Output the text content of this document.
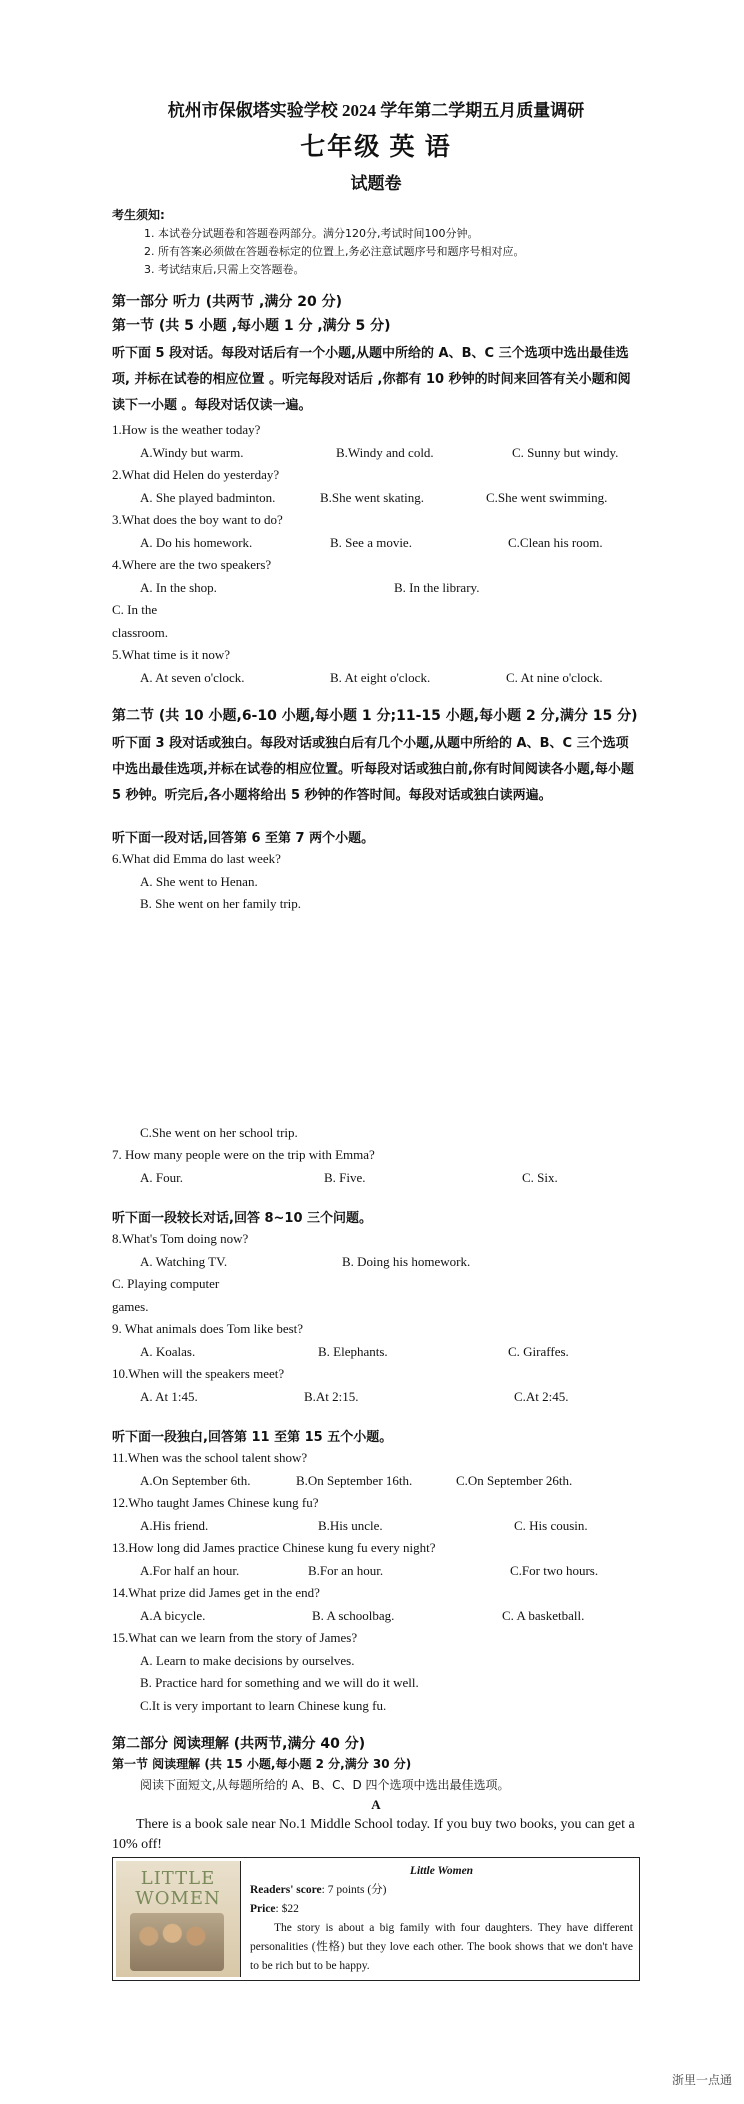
杭州市保俶塔实验学校 2024 学年第二学期五月质量调研
七年级 英 语
试题卷
考生须知:
1. 本试卷分试题卷和答题卷两部分。满分120分,考试时间100分钟。
2. 所有答案必须做在答题卷标定的位置上,务必注意试题序号和题序号相对应。
3. 考试结束后,只需上交答题卷。
第一部分 听力 (共两节 ,满分 20 分)
第一节 (共 5 小题 ,每小题 1 分 ,满分 5 分)
听下面 5 段对话。每段对话后有一个小题,从题中所给的 A、B、C 三个选项中选出最佳选项, 并标在试卷的相应位置 。听完每段对话后 ,你都有 10 秒钟的时间来回答有关小题和阅读下一小题 。每段对话仅读一遍。
1.How is the weather today?
A.Windy but warm.	B.Windy and cold.	C. Sunny but windy.
2.What did Helen do yesterday?
A. She played badminton.	B.She went skating.	C.She went swimming.
3.What does the boy want to do?
A. Do his homework.	B. See a movie.	C.Clean his room.
4.Where are the two speakers?
A. In the shop.	B. In the library.
C. In the classroom.
5.What time is it now?
A. At seven o'clock.	B. At eight o'clock.	C. At nine o'clock.
第二节 (共 10 小题,6-10 小题,每小题 1 分;11-15 小题,每小题 2 分,满分 15 分)
听下面 3 段对话或独白。每段对话或独白后有几个小题,从题中所给的 A、B、C 三个选项中选出最佳选项,并标在试卷的相应位置。听每段对话或独白前,你有时间阅读各小题,每小题 5 秒钟。听完后,各小题将给出 5 秒钟的作答时间。每段对话或独白读两遍。
听下面一段对话,回答第 6 至第 7 两个小题。
6.What did Emma do last week?
A. She went to Henan.
B. She went on her family trip.
C.She went on her school trip.
7. How many people were on the trip with Emma?
A. Four.	B. Five.	C. Six.
听下面一段较长对话,回答 8~10 三个问题。
8.What's Tom doing now?
A. Watching TV.	B. Doing his homework.
C. Playing computer games.
9. What animals does Tom like best?
A. Koalas.	B. Elephants.	C. Giraffes.
10.When will the speakers meet?
A. At 1:45.	B.At 2:15.	C.At 2:45.
听下面一段独白,回答第 11 至第 15 五个小题。
11.When was the school talent show?
A.On September 6th.	B.On September 16th.	C.On September 26th.
12.Who taught James Chinese kung fu?
A.His friend.	B.His uncle.	C. His cousin.
13.How long did James practice Chinese kung fu every night?
A.For half an hour.	B.For an hour.	C.For two hours.
14.What prize did James get in the end?
A.A bicycle.	B. A schoolbag.	C. A basketball.
15.What can we learn from the story of James?
A. Learn to make decisions by ourselves.
B. Practice hard for something and we will do it well.
C.It is very important to learn Chinese kung fu.
第二部分 阅读理解 (共两节,满分 40 分)
第一节 阅读理解 (共 15 小题,每小题 2 分,满分 30 分)
阅读下面短文,从每题所给的 A、B、C、D 四个选项中选出最佳选项。
A
There is a book sale near No.1 Middle School today. If you buy two books, you can get a 10% off!
LITTLE WOMEN
Little Women
Readers' score: 7 points (分)
Price: $22
The story is about a big family with four daughters. They have different personalities (性格) but they love each other. The book shows that we don't have to be rich but to be happy.
浙里一点通
